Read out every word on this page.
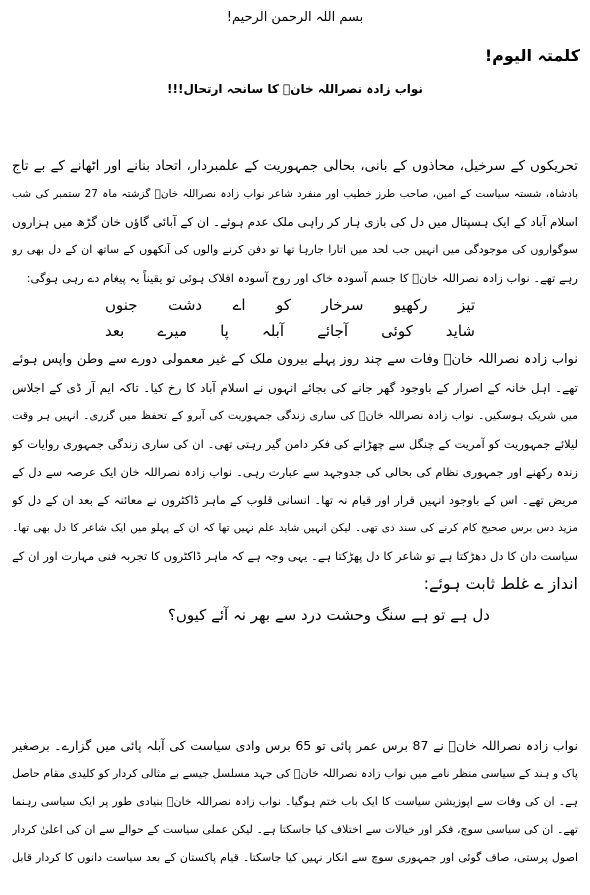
بسم اللہ الرحمن الرحیم!
کلمتہ الیوم!
نواب زادہ نصراللہ خانؒ کا سانحہ ارتحال!!!
تحریکوں کے سرخیل، محاذوں کے بانی، بحالی جمہوریت کے علمبردار، اتحاد بنانے اور اٹھانے کے بے تاج
بادشاہ، شستہ سیاست کے امین، صاحب طرز خطیب اور منفرد شاعر نواب زادہ نصراللہ خانؒ گزشتہ ماہ 27 ستمبر کی شب
اسلام آباد کے ایک ہسپتال میں دل کی بازی ہار کر راہی ملک عدم ہوئے۔ ان کے آبائی گاؤں خان گڑھ میں ہزاروں
سوگواروں کی موجودگی میں انہیں جب لحد میں اتارا جارہا تھا تو دفن کرنے والوں کی آنکھوں کے ساتھ ان کے دل بھی رو
رہے تھے۔ نواب زادہ نصراللہ خانؒ کا جسم آسودہ خاک اور روح آسودہ افلاک ہوئی تو یقیناً یہ پیغام دے رہی ہوگی:
تیز رکھیو سرخار کو اے دشت جنوں
شاید کوئی آجائے آبلہ پا میرے بعد
نواب زادہ نصراللہ خانؒ وفات سے چند روز پہلے بیرون ملک کے غیر معمولی دورے سے وطن واپس ہوئے
تھے۔ اہل خانہ کے اصرار کے باوجود گھر جانے کی بجائے انہوں نے اسلام آباد کا رخ کیا۔ تاکہ ایم آر ڈی کے اجلاس
میں شریک ہوسکیں۔ نواب زادہ نصراللہ خانؒ کی ساری زندگی جمہوریت کی آبرو کے تحفظ میں گزری۔ انہیں ہر وقت
لیلائے جمہوریت کو آمریت کے چنگل سے چھڑانے کی فکر دامن گیر رہتی تھی۔ ان کی ساری زندگی جمہوری روایات کو
زندہ رکھنے اور جمہوری نظام کی بحالی کی جدوجہد سے عبارت رہی۔ نواب زادہ نصراللہ خان ایک عرصہ سے دل کے
مریض تھے۔ اس کے باوجود انہیں قرار اور قیام نہ تھا۔ انسانی قلوب کے ماہر ڈاکٹروں نے معائنہ کے بعد ان کے دل کو
مزید دس برس صحیح کام کرنے کی سند دی تھی۔ لیکن انہیں شاید علم نہیں تھا کہ ان کے پہلو میں ایک شاعر کا دل بھی تھا۔
سیاست دان کا دل دھڑکتا ہے تو شاعر کا دل پھڑکتا ہے۔ یہی وجہ ہے کہ ماہر ڈاکٹروں کا تجربہ فنی مہارت اور ان کے
انداز ے غلط ثابت ہوئے:
دل ہے تو ہے سنگ وحشت درد سے بھر نہ آئے کیوں؟
نواب زادہ نصراللہ خانؒ نے 87 برس عمر پائی تو 65 برس وادی سیاست کی آبلہ پائی میں گزارے۔ برصغیر
پاک و ہند کے سیاسی منظر نامے میں نواب زادہ نصراللہ خانؒ کی جہد مسلسل جیسے بے مثالی کردار کو کلیدی مقام حاصل
ہے۔ ان کی وفات سے اپوزیشن سیاست کا ایک باب ختم ہوگیا۔ نواب زادہ نصراللہ خانؒ بنیادی طور پر ایک سیاسی رہنما
تھے۔ ان کی سیاسی سوچ، فکر اور خیالات سے اختلاف کیا جاسکتا ہے۔ لیکن عملی سیاست کے حوالے سے ان کی اعلیٰ کردار
اصول پرستی، صاف گوئی اور جمہوری سوچ سے انکار نہیں کیا جاسکتا۔ قیام پاکستان کے بعد سیاست دانوں کا کردار قابل
